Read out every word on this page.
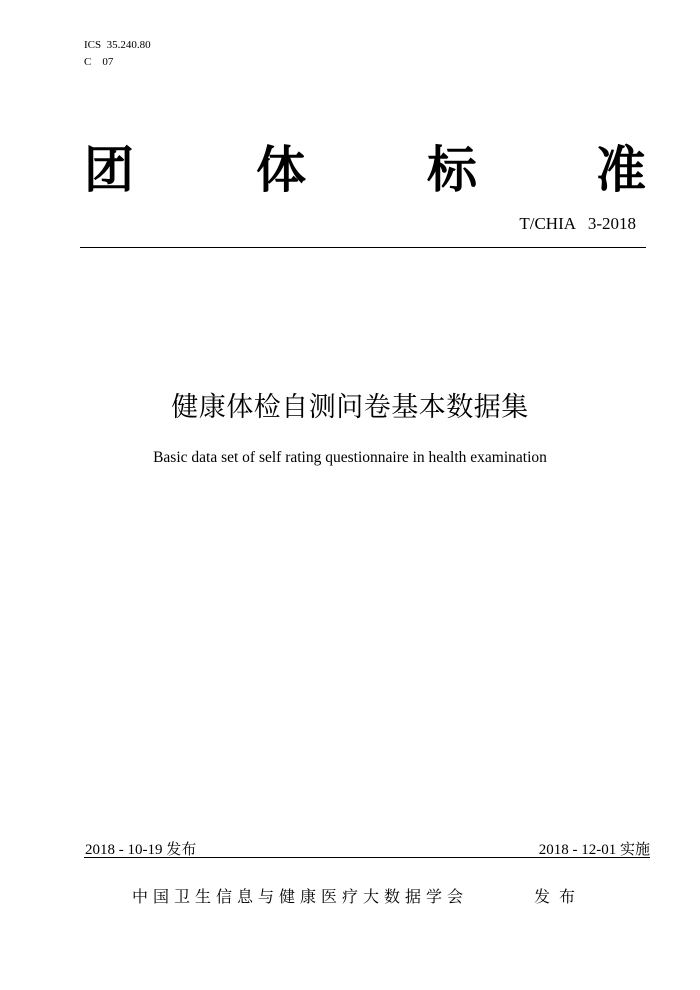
ICS  35.240.80
C    07
团 体 标 准
T/CHIA   3-2018
健康体检自测问卷基本数据集
Basic data set of self rating questionnaire in health examination
2018 - 10-19 发布	2018 - 12-01 实施
中国卫生信息与健康医疗大数据学会	发布
